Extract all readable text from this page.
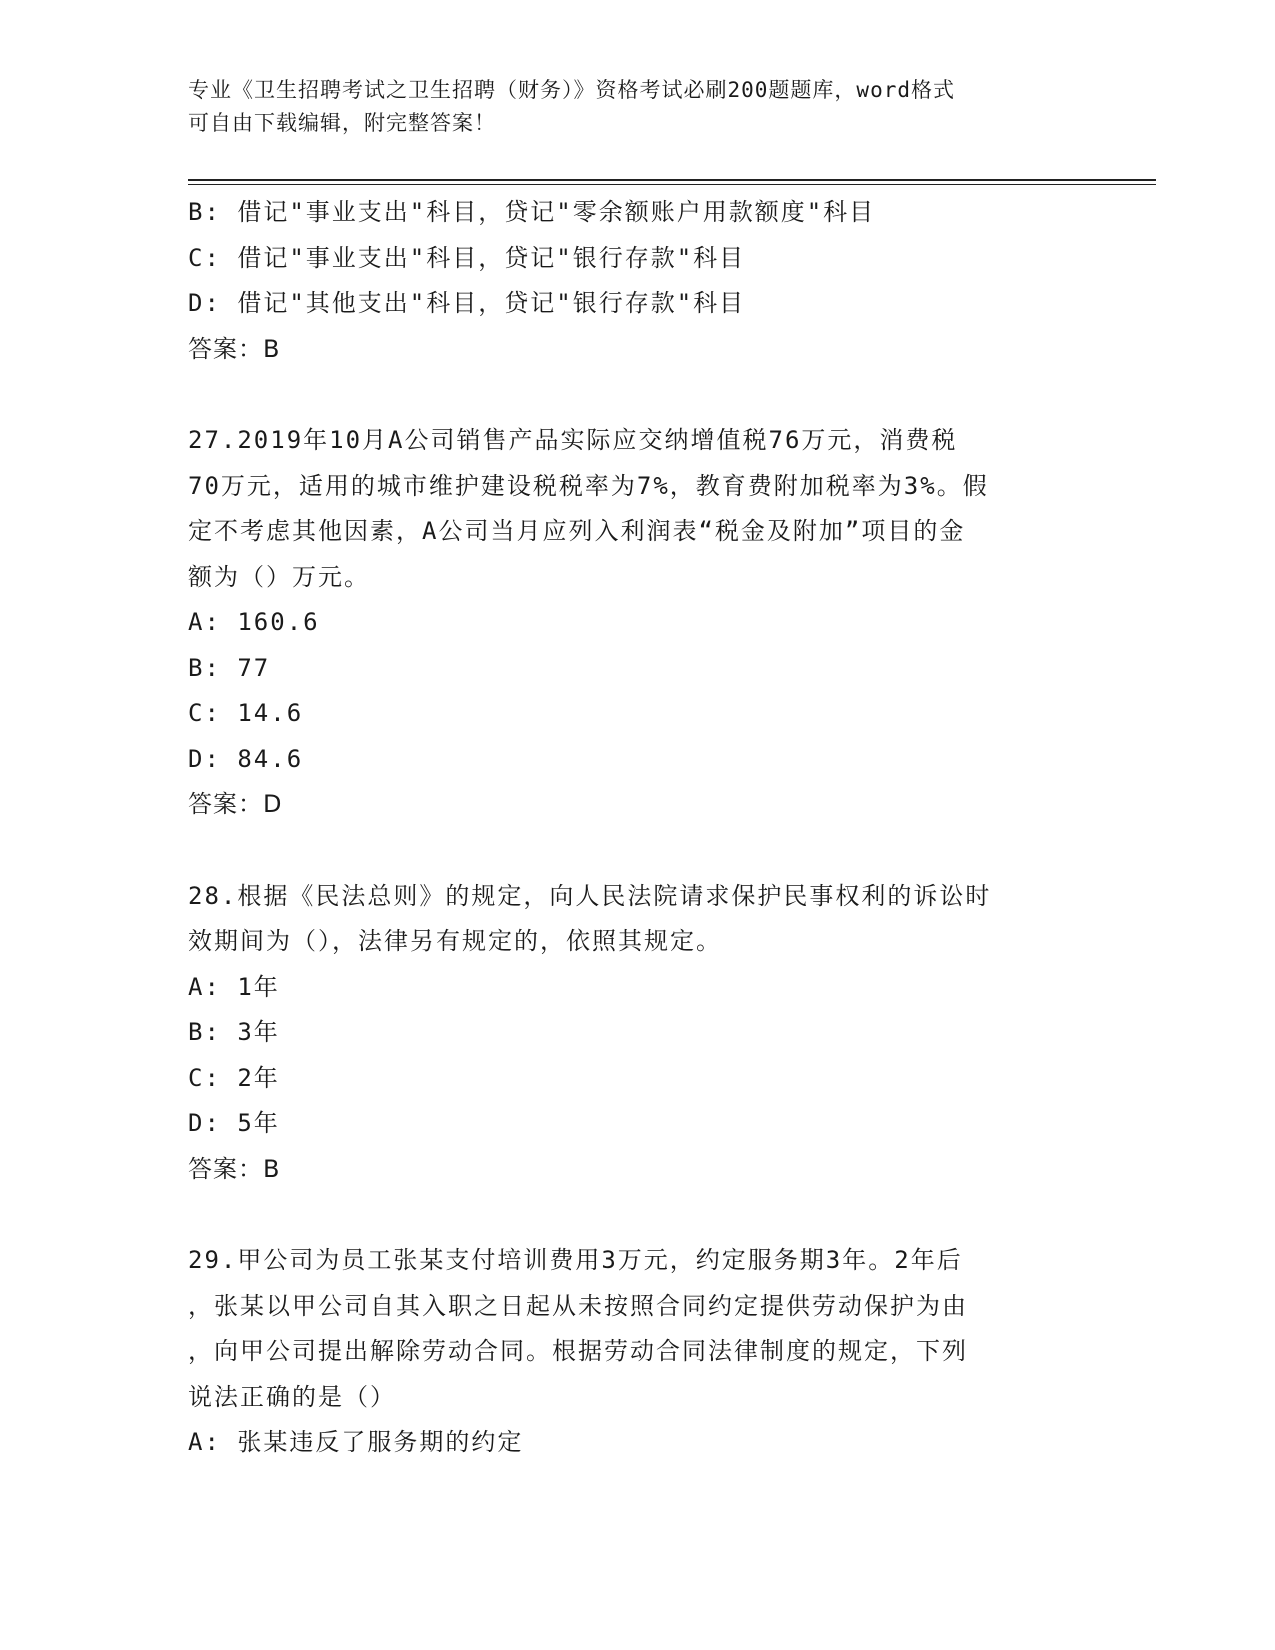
专业《卫生招聘考试之卫生招聘（财务）》资格考试必刷200题题库，word格式
可自由下载编辑，附完整答案！
B: 借记"事业支出"科目，贷记"零余额账户用款额度"科目
C: 借记"事业支出"科目，贷记"银行存款"科目
D: 借记"其他支出"科目，贷记"银行存款"科目
答案：B
27.2019年10月A公司销售产品实际应交纳增值税76万元，消费税
70万元，适用的城市维护建设税税率为7%，教育费附加税率为3%。假
定不考虑其他因素，A公司当月应列入利润表“税金及附加”项目的金
额为（）万元。
A: 160.6
B: 77
C: 14.6
D: 84.6
答案：D
28.根据《民法总则》的规定，向人民法院请求保护民事权利的诉讼时
效期间为（），法律另有规定的，依照其规定。
A: 1年
B: 3年
C: 2年
D: 5年
答案：B
29.甲公司为员工张某支付培训费用3万元，约定服务期3年。2年后
，张某以甲公司自其入职之日起从未按照合同约定提供劳动保护为由
，向甲公司提出解除劳动合同。根据劳动合同法律制度的规定，下列
说法正确的是（）
A: 张某违反了服务期的约定
